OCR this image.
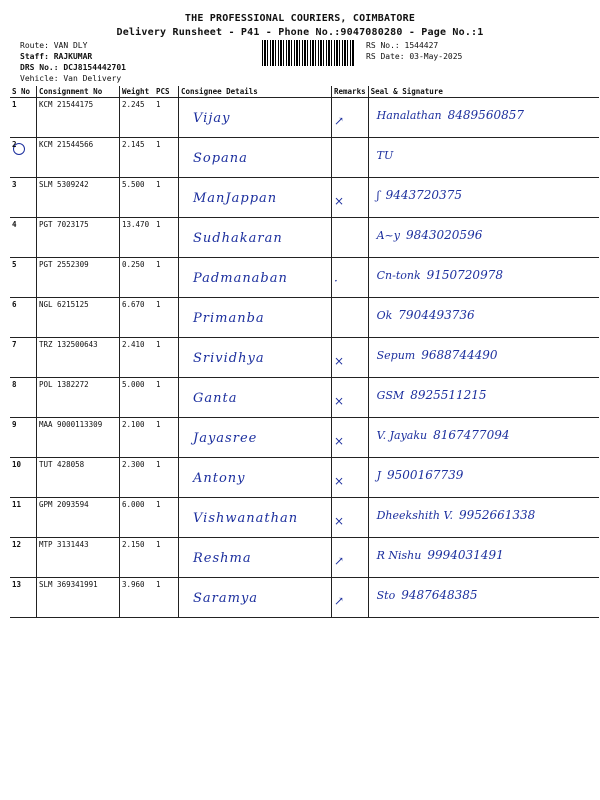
THE PROFESSIONAL COURIERS, COIMBATORE
Delivery Runsheet - P41 - Phone No.:9047080280 - Page No.:1
Route: VAN DLY
Staff: RAJKUMAR
DRS No.: DCJ8154442701
Vehicle: Van Delivery
RS No.: 1544427
RS Date: 03-May-2025
S No	Consignment No	Weight	PCS	Consignee Details	Remarks	Seal & Signature
1	KCM 21544175	2.245	1	Vijay	↗	Hanalathan 8489560857

2	KCM 21544566	2.145	1	Sopana		TU

3	SLM 5309242	5.500	1	ManJappan	×	ʃ 9443720375

4	PGT 7023175	13.470	1	Sudhakaran		A~y 9843020596

5	PGT 2552309	0.250	1	Padmanaban	·	Cn-tonk 9150720978

6	NGL 6215125	6.670	1	Primanba		Ok 7904493736

7	TRZ 132500643	2.410	1	Srividhya	×	Sepum 9688744490

8	POL 1382272	5.000	1	Ganta	×	GSM 8925511215

9	MAA 9000113309	2.100	1	Jayasree	×	V. Jayaku 8167477094

10	TUT 428058	2.300	1	Antony	×	J 9500167739

11	GPM 2093594	6.000	1	Vishwanathan	×	Dheekshith V. 9952661338

12	MTP 3131443	2.150	1	Reshma	↗	R Nishu 9994031491

13	SLM 369341991	3.960	1	Saramya	↗	Sto 9487648385
